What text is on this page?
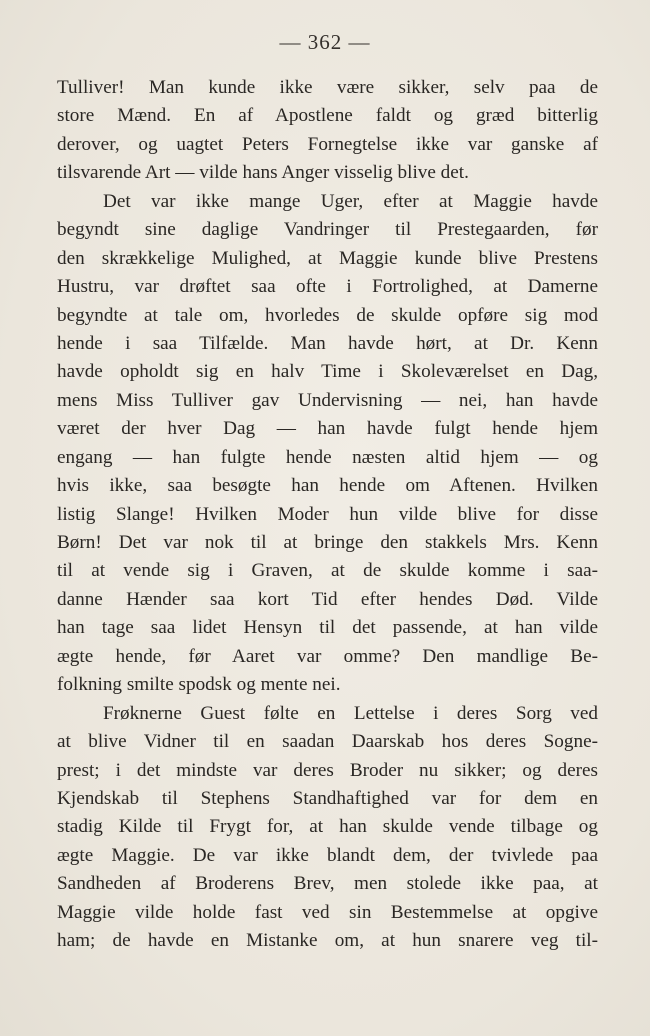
— 362 —
Tulliver! Man kunde ikke være sikker, selv paa de
store Mænd. En af Apostlene faldt og græd bitterlig
derover, og uagtet Peters Fornegtelse ikke var ganske af
tilsvarende Art — vilde hans Anger visselig blive det.
Det var ikke mange Uger, efter at Maggie havde
begyndt sine daglige Vandringer til Prestegaarden, før
den skrækkelige Mulighed, at Maggie kunde blive Prestens
Hustru, var drøftet saa ofte i Fortrolighed, at Damerne
begyndte at tale om, hvorledes de skulde opføre sig mod
hende i saa Tilfælde. Man havde hørt, at Dr. Kenn
havde opholdt sig en halv Time i Skoleværelset en Dag,
mens Miss Tulliver gav Undervisning — nei, han havde
været der hver Dag — han havde fulgt hende hjem
engang — han fulgte hende næsten altid hjem — og
hvis ikke, saa besøgte han hende om Aftenen. Hvilken
listig Slange! Hvilken Moder hun vilde blive for disse
Børn! Det var nok til at bringe den stakkels Mrs. Kenn
til at vende sig i Graven, at de skulde komme i saa-
danne Hænder saa kort Tid efter hendes Død. Vilde
han tage saa lidet Hensyn til det passende, at han vilde
ægte hende, før Aaret var omme? Den mandlige Be-
folkning smilte spodsk og mente nei.
Frøknerne Guest følte en Lettelse i deres Sorg ved
at blive Vidner til en saadan Daarskab hos deres Sogne-
prest; i det mindste var deres Broder nu sikker; og deres
Kjendskab til Stephens Standhaftighed var for dem en
stadig Kilde til Frygt for, at han skulde vende tilbage og
ægte Maggie. De var ikke blandt dem, der tvivlede paa
Sandheden af Broderens Brev, men stolede ikke paa, at
Maggie vilde holde fast ved sin Bestemmelse at opgive
ham; de havde en Mistanke om, at hun snarere veg til-
